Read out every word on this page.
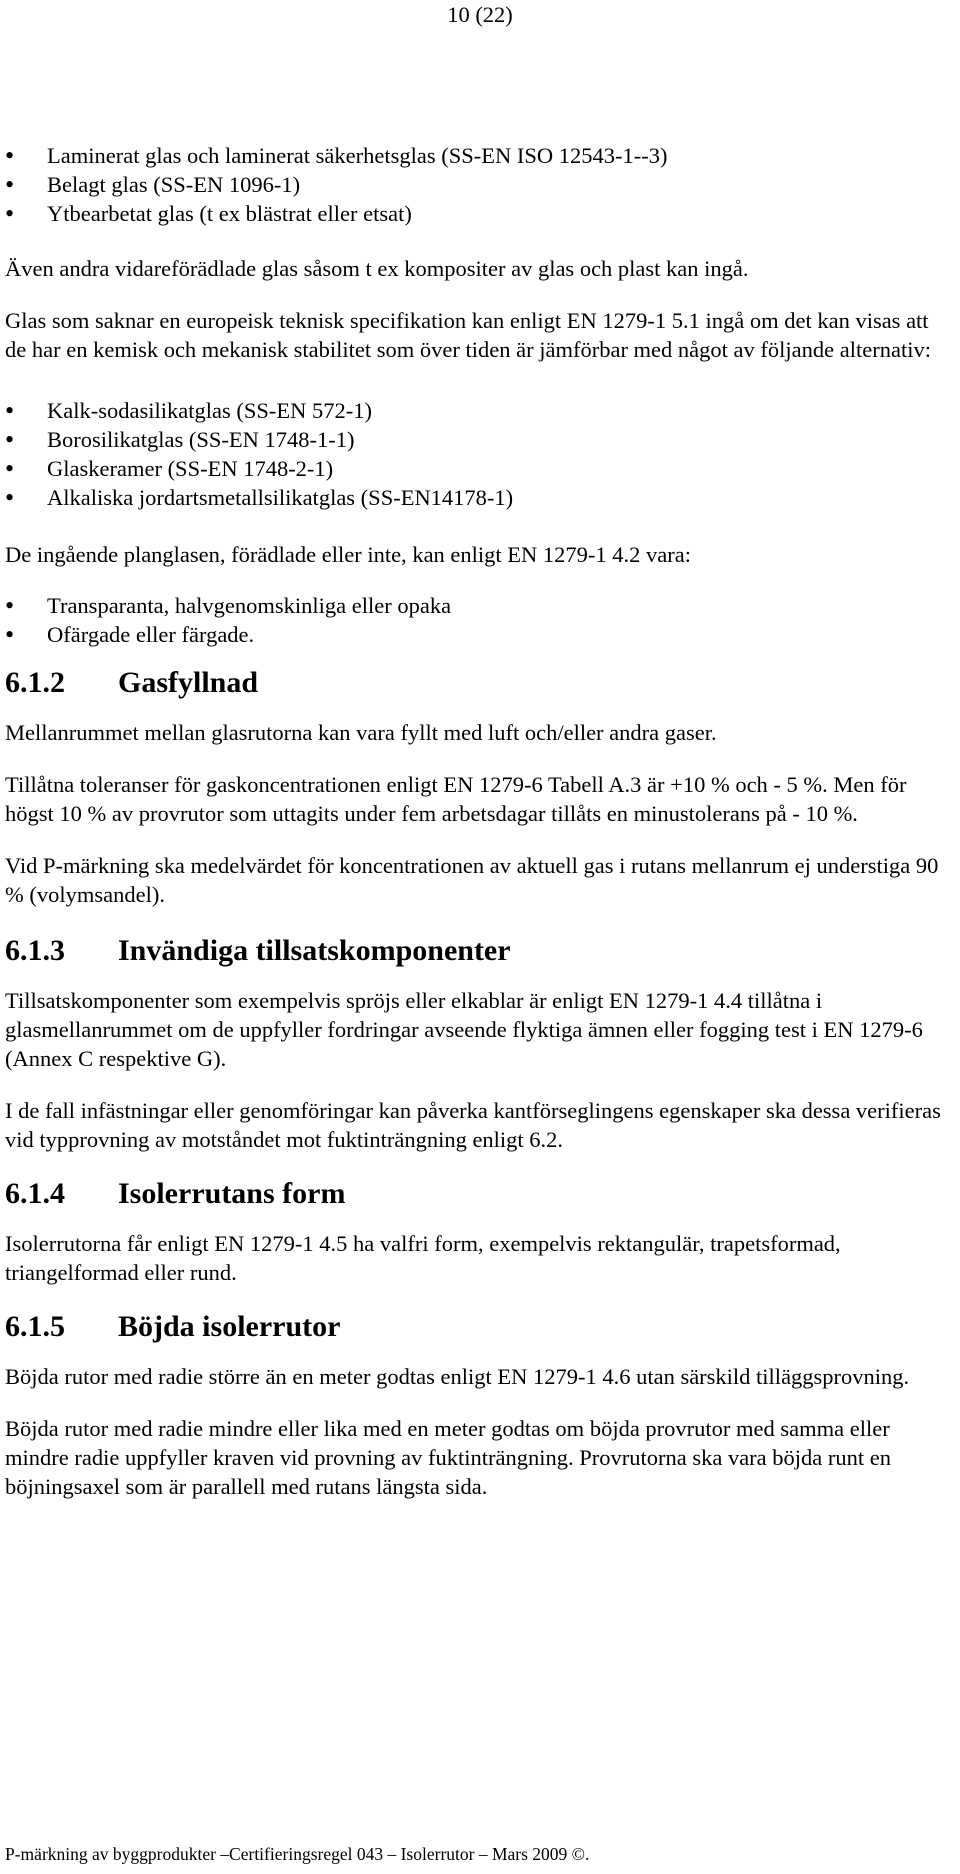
10 (22)
• Laminerat glas och laminerat säkerhetsglas (SS-EN ISO 12543-1--3)
• Belagt glas (SS-EN 1096-1)
• Ytbearbetat glas (t ex blästrat eller etsat)

Även andra vidareförädlade glas såsom t ex kompositer av glas och plast kan ingå.

Glas som saknar en europeisk teknisk specifikation kan enligt EN 1279-1 5.1 ingå om det kan visas att de har en kemisk och mekanisk stabilitet som över tiden är jämförbar med något av följande alternativ:

• Kalk-sodasilikatglas (SS-EN 572-1)
• Borosilikatglas (SS-EN 1748-1-1)
• Glaskeramer (SS-EN 1748-2-1)
• Alkaliska jordartsmetallsilikatglas (SS-EN14178-1)

De ingående planglasen, förädlade eller inte, kan enligt EN 1279-1 4.2 vara:

• Transparanta, halvgenomskinliga eller opaka
• Ofärgade eller färgade.
6.1.2	Gasfyllnad

Mellanrummet mellan glasrutorna kan vara fyllt med luft och/eller andra gaser.

Tillåtna toleranser för gaskoncentrationen enligt EN 1279-6 Tabell A.3 är +10 % och - 5 %. Men för högst 10 % av provrutor som uttagits under fem arbetsdagar tillåts en minustolerans på - 10 %.

Vid P-märkning ska medelvärdet för koncentrationen av aktuell gas i rutans mellanrum ej understiga 90 % (volymsandel).

6.1.3	Invändiga tillsatskomponenter

Tillsatskomponenter som exempelvis spröjs eller elkablar är enligt EN 1279-1 4.4 tillåtna i glasmellanrummet om de uppfyller fordringar avseende flyktiga ämnen eller fogging test i EN 1279-6 (Annex C respektive G).

I de fall infästningar eller genomföringar kan påverka kantförseglingens egenskaper ska dessa verifieras vid typprovning av motståndet mot fuktinträngning enligt 6.2.

6.1.4	Isolerrutans form

Isolerrutorna får enligt EN 1279-1 4.5 ha valfri form, exempelvis rektangulär, trapetsformad, triangelformad eller rund.

6.1.5	Böjda isolerrutor

Böjda rutor med radie större än en meter godtas enligt EN 1279-1 4.6 utan särskild tilläggsprovning.

Böjda rutor med radie mindre eller lika med en meter godtas om böjda provrutor med samma eller mindre radie uppfyller kraven vid provning av fuktinträngning. Provrutorna ska vara böjda runt en böjningsaxel som är parallell med rutans längsta sida.

P-märkning av byggprodukter –Certifieringsregel 043 – Isolerrutor – Mars 2009 ©.
